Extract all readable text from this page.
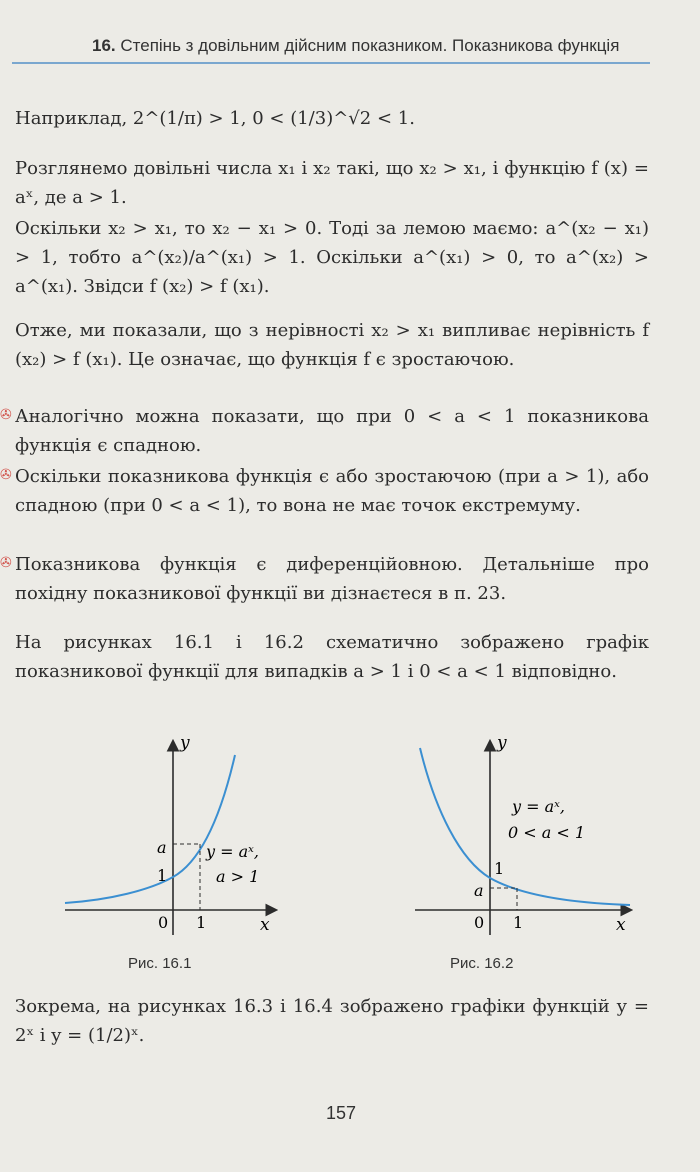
16. Степінь з довільним дійсним показником. Показникова функція
Наприклад, 2^(1/π) > 1, 0 < (1/3)^√2 < 1.
Розглянемо довільні числа x₁ і x₂ такі, що x₂ > x₁, і функцію f (x) = aˣ, де a > 1.
Оскільки x₂ > x₁, то x₂ − x₁ > 0. Тоді за лемою маємо: a^(x₂ − x₁) > 1, тобто a^(x₂)/a^(x₁) > 1. Оскільки a^(x₁) > 0, то a^(x₂) > a^(x₁). Звідси f (x₂) > f (x₁).
Отже, ми показали, що з нерівності x₂ > x₁ випливає нерівність f (x₂) > f (x₁). Це означає, що функція f є зростаючою.
✇ Аналогічно можна показати, що при 0 < a < 1 показникова функція є спадною.
✇ Оскільки показникова функція є або зростаючою (при a > 1), або спадною (при 0 < a < 1), то вона не має точок екстремуму.
✇ Показникова функція є диференційовною. Детальніше про похідну показникової функції ви дізнаєтеся в п. 23.
На рисунках 16.1 і 16.2 схематично зображено графік показникової функції для випадків a > 1 і 0 < a < 1 відповідно.
y
x
0 1
1
a y = aˣ,
a > 1
Рис. 16.1
y
x
0 1
1
a
y = aˣ,
0 < a < 1
Рис. 16.2
Зокрема, на рисунках 16.3 і 16.4 зображено графіки функцій y = 2ˣ і y = (1/2)ˣ.
157
